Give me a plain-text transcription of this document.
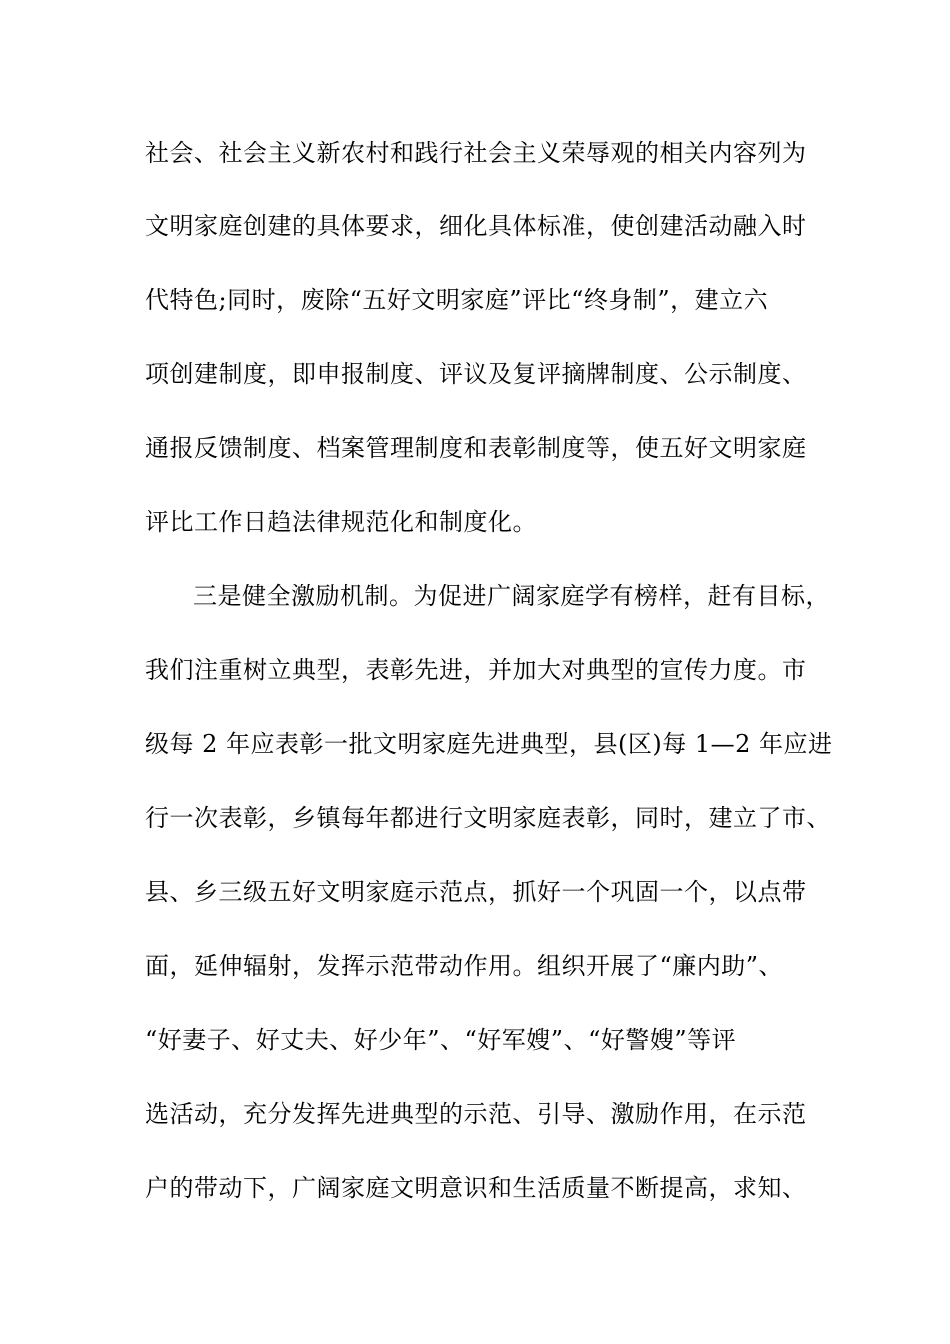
社会、社会主义新农村和践行社会主义荣辱观的相关内容列为
文明家庭创建的具体要求，细化具体标准，使创建活动融入时
代特色;同时，废除“五好文明家庭”评比“终身制”，建立六
项创建制度，即申报制度、评议及复评摘牌制度、公示制度、
通报反馈制度、档案管理制度和表彰制度等，使五好文明家庭
评比工作日趋法律规范化和制度化。
三是健全激励机制。为促进广阔家庭学有榜样，赶有目标，
我们注重树立典型，表彰先进，并加大对典型的宣传力度。市
级每 2 年应表彰一批文明家庭先进典型，县(区)每 1—2 年应进
行一次表彰，乡镇每年都进行文明家庭表彰，同时，建立了市、
县、乡三级五好文明家庭示范点，抓好一个巩固一个，以点带
面，延伸辐射，发挥示范带动作用。组织开展了“廉内助”、
“好妻子、好丈夫、好少年”、“好军嫂”、“好警嫂”等评
选活动，充分发挥先进典型的示范、引导、激励作用，在示范
户的带动下，广阔家庭文明意识和生活质量不断提高，求知、
